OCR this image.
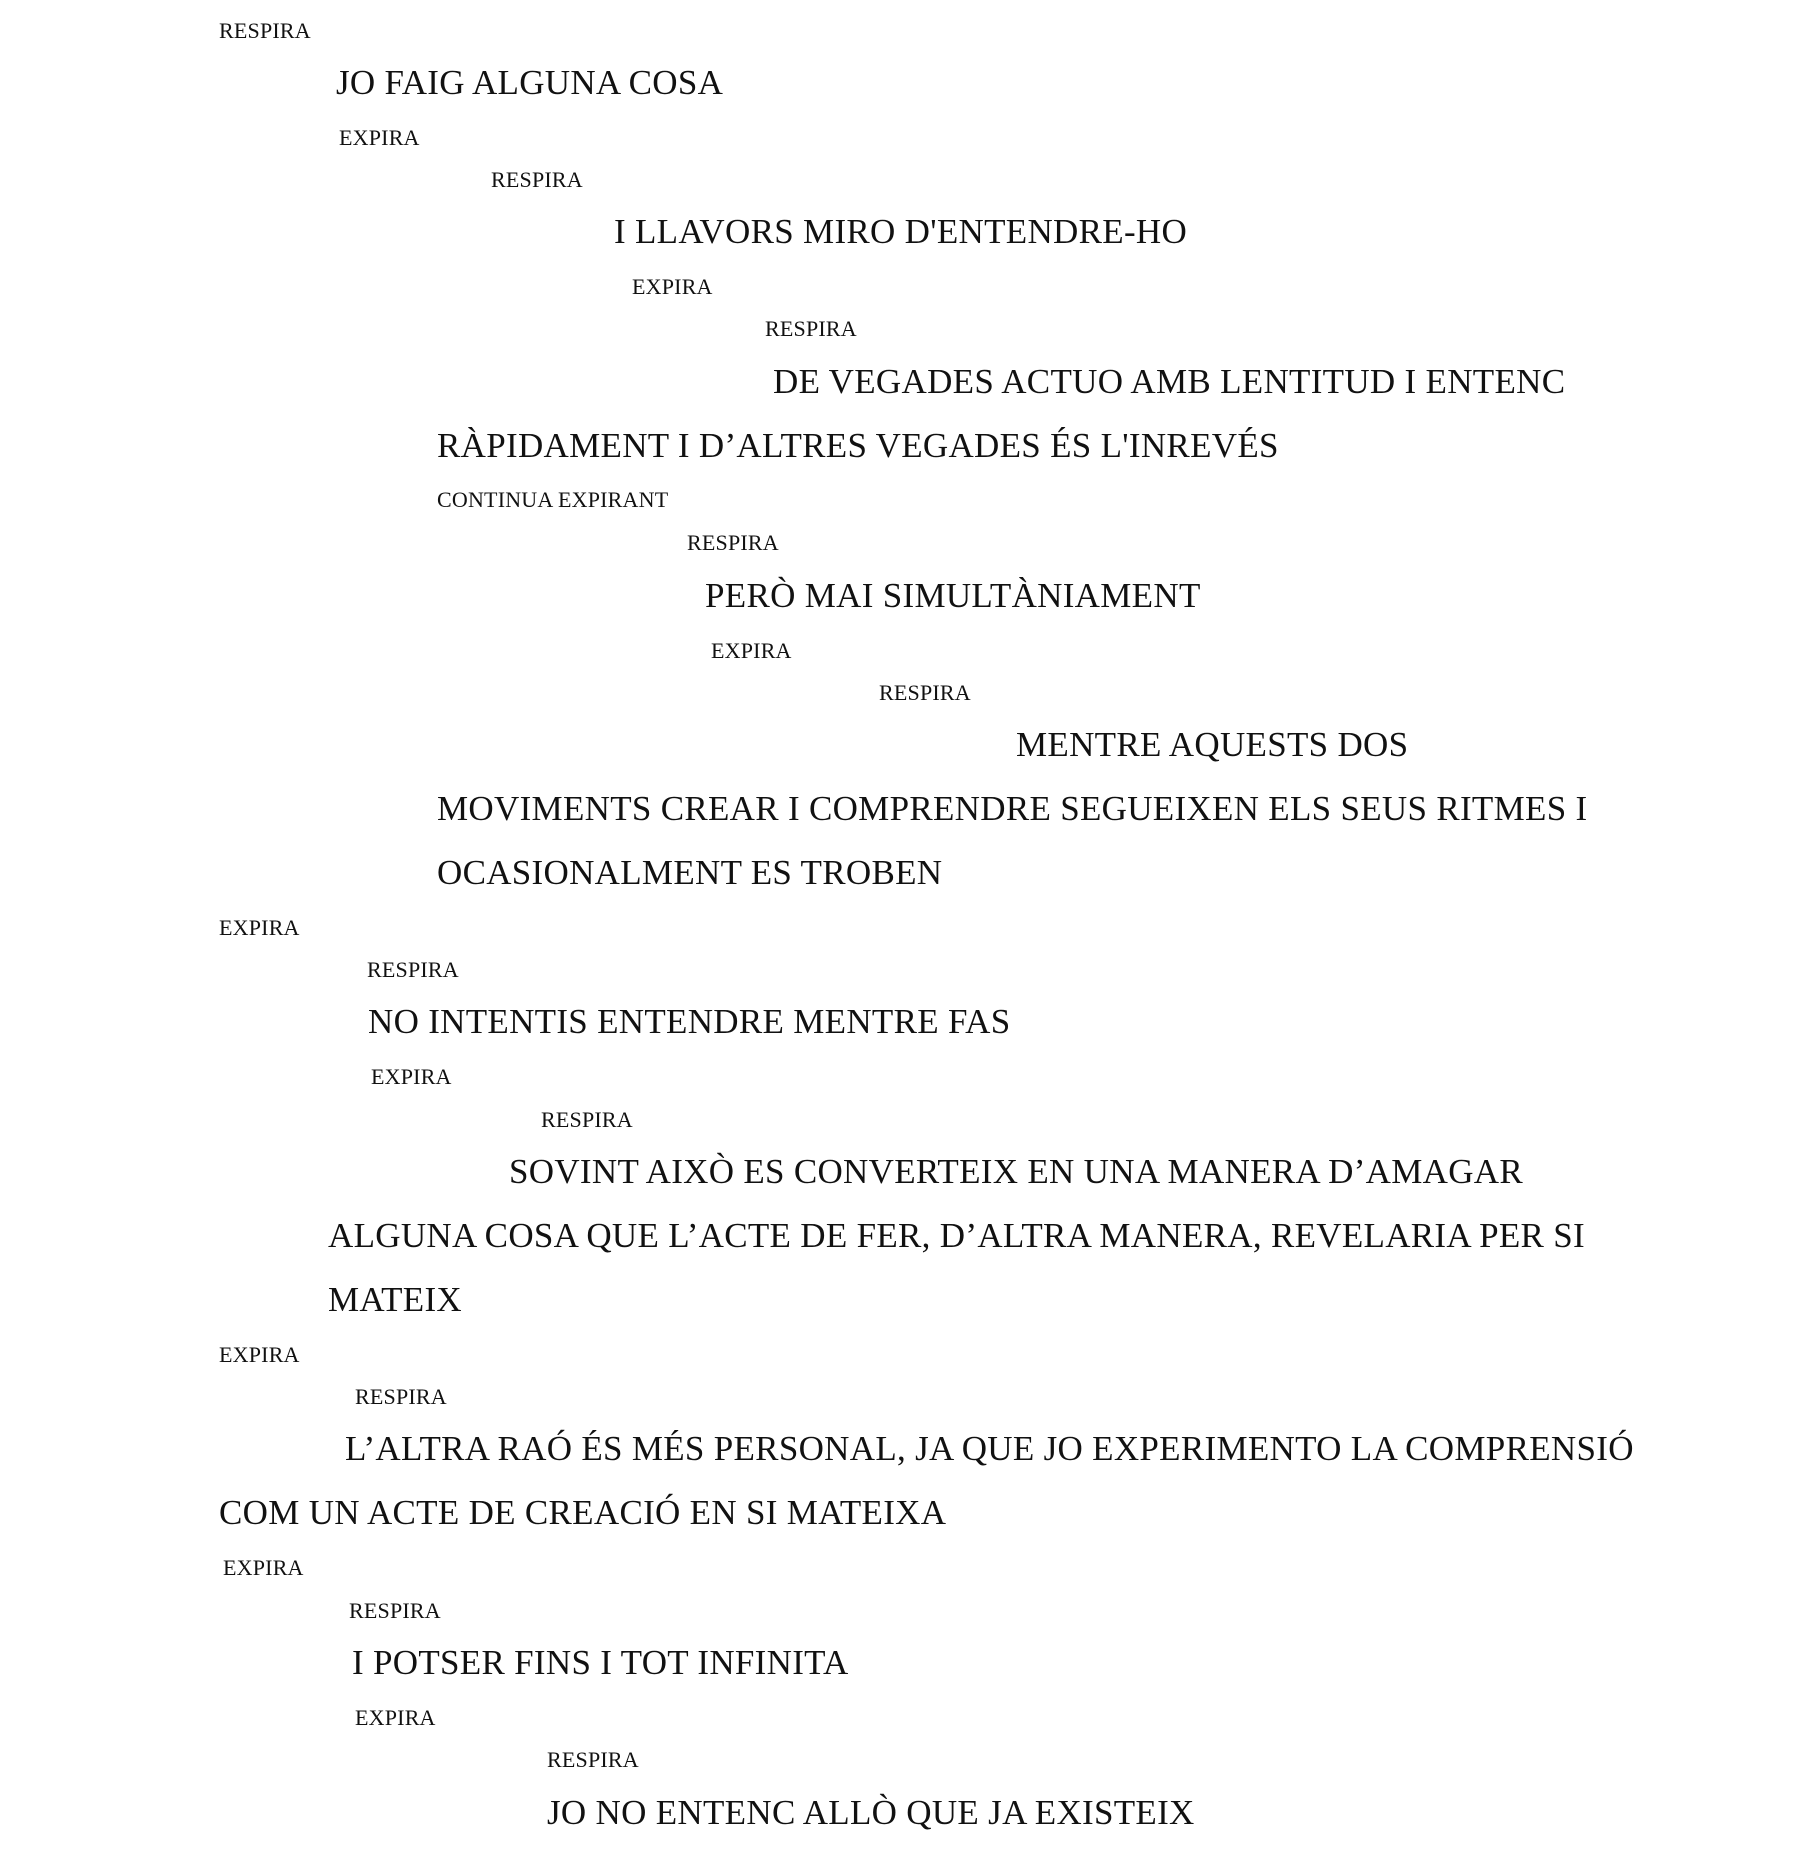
RESPIRA

JO FAIG ALGUNA COSA

EXPIRA

RESPIRA

I LLAVORS MIRO D'ENTENDRE-HO

EXPIRA

RESPIRA

DE VEGADES ACTUO AMB LENTITUD I ENTENC

RÀPIDAMENT I D’ALTRES VEGADES ÉS L'INREVÉS

CONTINUA EXPIRANT

RESPIRA

PERÒ MAI SIMULTÀNIAMENT

EXPIRA

RESPIRA

MENTRE AQUESTS DOS

MOVIMENTS CREAR I COMPRENDRE SEGUEIXEN ELS SEUS RITMES I

OCASIONALMENT ES TROBEN

EXPIRA

RESPIRA

NO INTENTIS ENTENDRE MENTRE FAS

EXPIRA

RESPIRA

SOVINT AIXÒ ES CONVERTEIX EN UNA MANERA D’AMAGAR

ALGUNA COSA QUE L’ACTE DE FER, D’ALTRA MANERA, REVELARIA PER SI

MATEIX

EXPIRA

RESPIRA

L’ALTRA RAÓ ÉS MÉS PERSONAL, JA QUE JO EXPERIMENTO LA COMPRENSIÓ

COM UN ACTE DE CREACIÓ EN SI MATEIXA

EXPIRA

RESPIRA

I POTSER FINS I TOT INFINITA

EXPIRA

RESPIRA

JO NO ENTENC ALLÒ QUE JA EXISTEIX
